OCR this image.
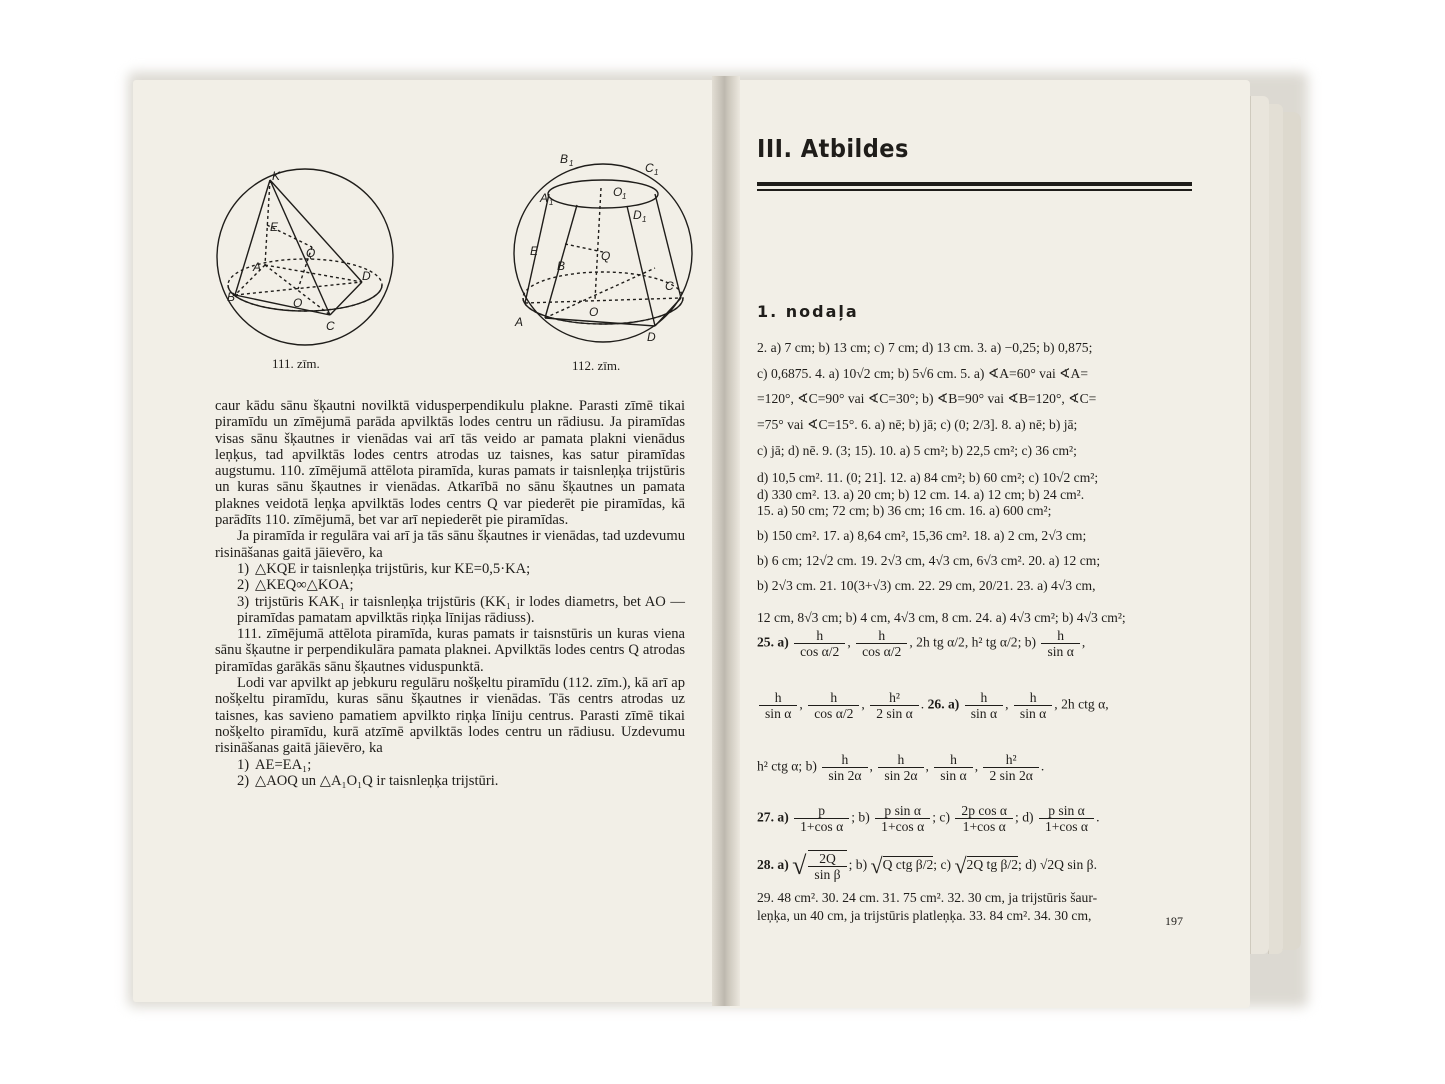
K
E
Q
A
D
B	O
C
111. zīm.
B 1	C 1
A 1
O 1
D 1
E
B
Q
C
A
O
D
112. zīm.

caur kādu sānu šķautni novilktā vidusperpendikulu plakne. Parasti zīmē tikai piramīdu un zīmējumā parāda apvilktās lodes centru un rādiusu. Ja piramīdas visas sānu šķautnes ir vienādas vai arī tās veido ar pamata plakni vienādus leņķus, tad apvilktās lodes centrs atrodas uz taisnes, kas satur piramīdas augstumu. 110. zīmējumā attēlota piramīda, kuras pamats ir taisnleņķa trijstūris un kuras sānu šķautnes ir vienādas. Atkarībā no sānu šķautnes un pamata plaknes veidotā leņķa apvilktās lodes centrs Q var piederēt pie piramīdas, kā parādīts 110. zīmējumā, bet var arī nepiederēt pie piramīdas.

Ja piramīda ir regulāra vai arī ja tās sānu šķautnes ir vienādas, tad uzdevumu risināšanas gaitā jāievēro, ka

1) △KQE ir taisnleņķa trijstūris, kur KE=0,5·KA;

2) △KEQ∞△KOA;

3) trijstūris KAK₁ ir taisnleņķa trijstūris (KK₁ ir lodes diametrs, bet AO — piramīdas pamatam apvilktās riņķa līnijas rādiuss).

111. zīmējumā attēlota piramīda, kuras pamats ir taisnstūris un kuras viena sānu šķautne ir perpendikulāra pamata plaknei. Apvilktās lodes centrs Q atrodas piramīdas garākās sānu šķautnes viduspunktā.

Lodi var apvilkt ap jebkuru regulāru nošķeltu piramīdu (112. zīm.), kā arī ap nošķeltu piramīdu, kuras sānu šķautnes ir vienādas. Tās centrs atrodas uz taisnes, kas savieno pamatiem apvilkto riņķa līniju centrus. Parasti zīmē tikai nošķelto piramīdu, kurā atzīmē apvilktās lodes centru un rādiusu. Uzdevumu risināšanas gaitā jāievēro, ka

1) AE=EA₁;

2) △AOQ un △A₁O₁Q ir taisnleņķa trijstūri.

III. Atbildes
1. nodaļa
2. a) 7 cm; b) 13 cm; c) 7 cm; d) 13 cm. 3. a) −0,25; b) 0,875;
c) 0,6875. 4. a) 10√2 cm; b) 5√6 cm. 5. a) ∢A=60° vai ∢A=
=120°, ∢C=90° vai ∢C=30°; b) ∢B=90° vai ∢B=120°, ∢C=
=75° vai ∢C=15°. 6. a) nē; b) jā; c) (0; 2/3]. 8. a) nē; b) jā;
c) jā; d) nē. 9. (3; 15). 10. a) 5 cm²; b) 22,5 cm²; c) 36 cm²;
d) 10,5 cm². 11. (0; 21]. 12. a) 84 cm²; b) 60 cm²; c) 10√2 cm²;
d) 330 cm². 13. a) 20 cm; b) 12 cm. 14. a) 12 cm; b) 24 cm².
15. a) 50 cm; 72 cm; b) 36 cm; 16 cm. 16. a) 600 cm²;
b) 150 cm². 17. a) 8,64 cm², 15,36 cm². 18. a) 2 cm, 2√3 cm;
b) 6 cm; 12√2 cm. 19. 2√3 cm, 4√3 cm, 6√3 cm². 20. a) 12 cm;
b) 2√3 cm. 21. 10(3+√3) cm. 22. 29 cm, 20/21. 23. a) 4√3 cm,
12 cm, 8√3 cm; b) 4 cm, 4√3 cm, 8 cm. 24. a) 4√3 cm²; b) 4√3 cm²;
25. $a) \frac{h}{\text{cos α/2}}$ , $\frac{h}{\text{cos α/2}}$ , 2h tg α/2, h² tg α/2; $b) \frac{h}{\text{sin α}}$ ,
$\frac{h}{\text{sin α}}$ , $\frac{h}{\text{cos α/2}}$ , $\frac{\text{h²}}{\text{2 sin α}}$ . 26. $a) \frac{h}{\text{sin α}}$ , $\frac{h}{\text{sin α}}$ , 2h ctg α,
h² ctg α; $b) \frac{h}{\sin 2\alpha}$ , $\frac{h}{\sin 2\alpha}$ , $\frac{h}{\text{sin α}}$ , $\frac{\text{h²}}{2 \sin 2\alpha}$ .
27. $a) \frac{p}{\text{1+cos α}}$ ; $b) \frac{\text{p sin α}}{\text{1+cos α}}$ ; $c) \frac{\text{2p cos α}}{\text{1+cos α}}$ ; $d) \frac{\text{p sin α}}{\text{1+cos α}}$ .
28. a) √ $\frac{2Q}{\text{sin β}}$ ; b) √Q ctg β/2; c) √2Q tg β/2; d) √2Q sin β.
29. 48 cm². 30. 24 cm. 31. 75 cm². 32. 30 cm, ja trijstūris šaur-
leņķa, un 40 cm, ja trijstūris platleņķa. 33. 84 cm². 34. 30 cm,	197
